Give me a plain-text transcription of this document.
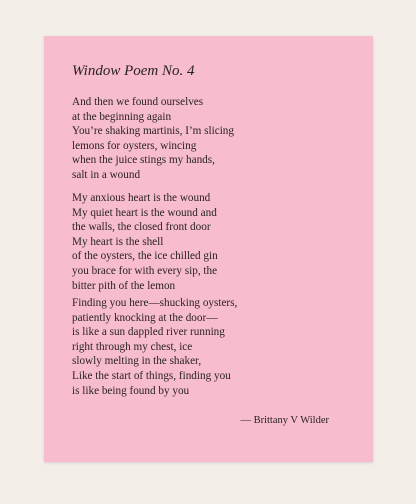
Window Poem No. 4

And then we found ourselves
at the beginning again
You’re shaking martinis, I’m slicing
lemons for oysters, wincing
when the juice stings my hands,
salt in a wound

My anxious heart is the wound
My quiet heart is the wound and
the walls, the closed front door
My heart is the shell
of the oysters, the ice chilled gin
you brace for with every sip, the
bitter pith of the lemon

Finding you here—shucking oysters,
patiently knocking at the door—
is like a sun dappled river running
right through my chest, ice
slowly melting in the shaker,
Like the start of things, finding you
is like being found by you

— Brittany V Wilder
